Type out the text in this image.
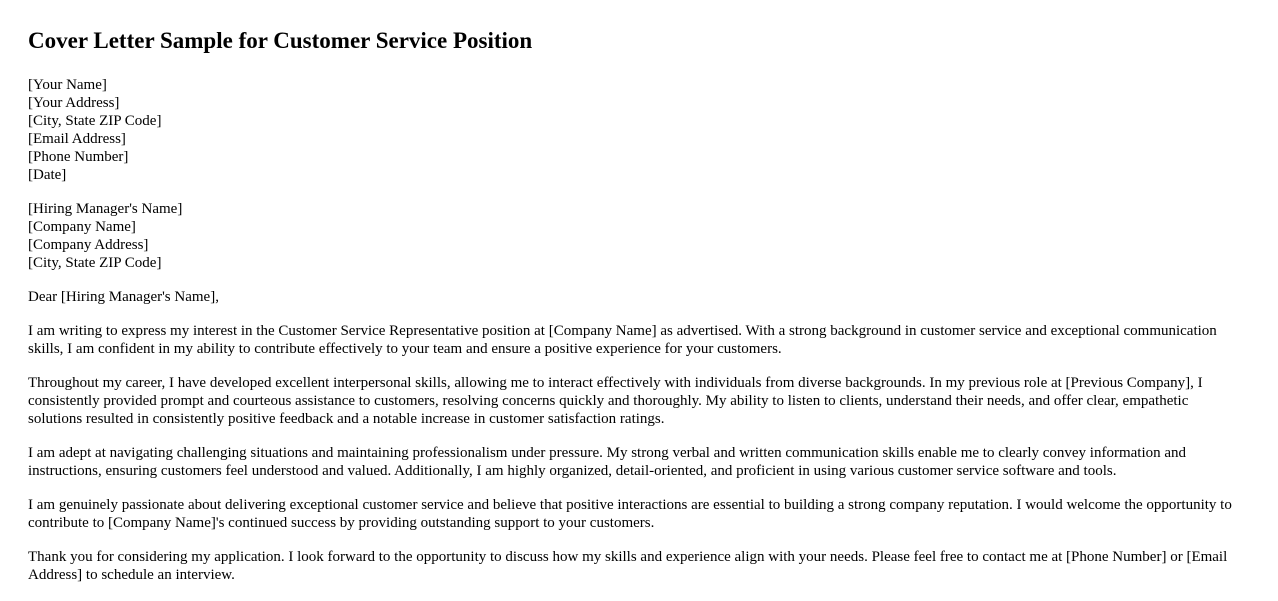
Cover Letter Sample for Customer Service Position
[Your Name]
[Your Address]
[City, State ZIP Code]
[Email Address]
[Phone Number]
[Date]
[Hiring Manager's Name]
[Company Name]
[Company Address]
[City, State ZIP Code]

Dear [Hiring Manager's Name],

I am writing to express my interest in the Customer Service Representative position at [Company Name] as advertised. With a strong background in customer service and exceptional communication skills, I am confident in my ability to contribute effectively to your team and ensure a positive experience for your customers.

Throughout my career, I have developed excellent interpersonal skills, allowing me to interact effectively with individuals from diverse backgrounds. In my previous role at [Previous Company], I consistently provided prompt and courteous assistance to customers, resolving concerns quickly and thoroughly. My ability to listen to clients, understand their needs, and offer clear, empathetic solutions resulted in consistently positive feedback and a notable increase in customer satisfaction ratings.

I am adept at navigating challenging situations and maintaining professionalism under pressure. My strong verbal and written communication skills enable me to clearly convey information and instructions, ensuring customers feel understood and valued. Additionally, I am highly organized, detail-oriented, and proficient in using various customer service software and tools.

I am genuinely passionate about delivering exceptional customer service and believe that positive interactions are essential to building a strong company reputation. I would welcome the opportunity to contribute to [Company Name]'s continued success by providing outstanding support to your customers.

Thank you for considering my application. I look forward to the opportunity to discuss how my skills and experience align with your needs. Please feel free to contact me at [Phone Number] or [Email Address] to schedule an interview.
